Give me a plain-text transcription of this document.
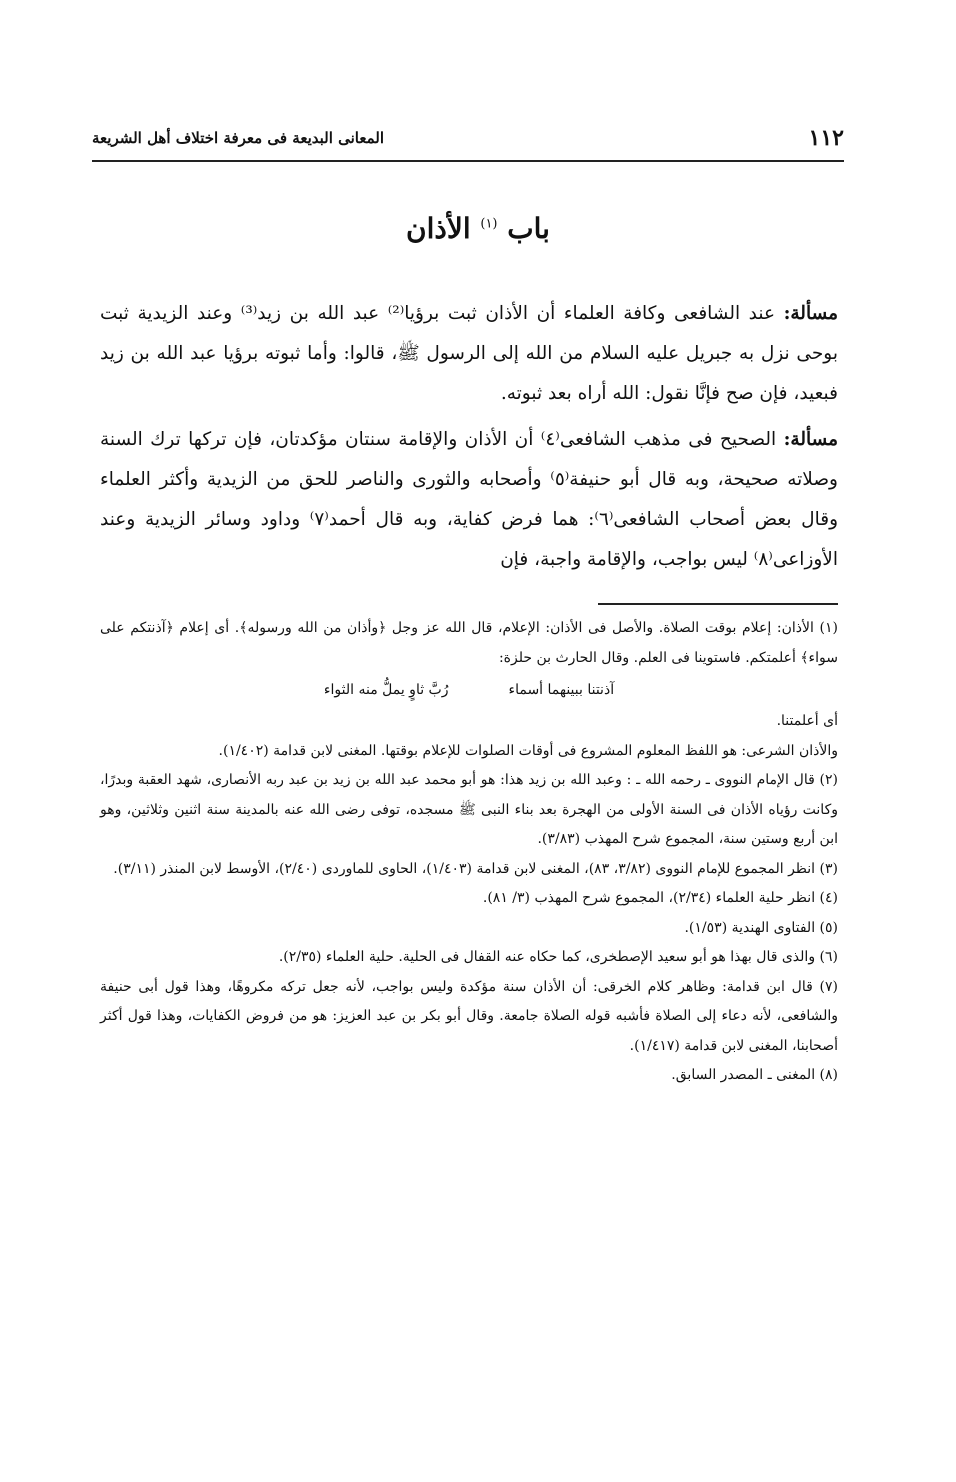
١١٢
المعانى البديعة فى معرفة اختلاف أهل الشريعة
باب $^{(١)}$ الأذان

مسألة: عند الشافعى وكافة العلماء أن الأذان ثبت برؤيا⁽²⁾ عبد الله بن زيد⁽³⁾ وعند الزيدية ثبت بوحى نزل به جبريل عليه السلام من الله إلى الرسول ﷺ، قالوا: وأما ثبوته برؤيا عبد الله بن زيد فبعيد، فإن صح فإنَّا نقول: الله أراه بعد ثبوته.

مسألة: الصحيح فى مذهب الشافعى⁽٤⁾ أن الأذان والإقامة سنتان مؤكدتان، فإن تركها ترك السنة وصلاته صحيحة، وبه قال أبو حنيفة⁽٥⁾ وأصحابه والثورى والناصر للحق من الزيدية وأكثر العلماء وقال بعض أصحاب الشافعى⁽٦⁾: هما فرض كفاية، وبه قال أحمد⁽٧⁾ وداود وسائر الزيدية وعند الأوزاعى⁽٨⁾ ليس بواجب، والإقامة واجبة، فإن

(١) الأذان: إعلام بوقت الصلاة. والأصل فى الأذان: الإعلام، قال الله عز وجل ﴿وأذان من الله ورسوله﴾. أى إعلام ﴿آذنتكم على سواء﴾ أعلمتكم. فاستوينا فى العلم. وقال الحارث بن حلزة:

آذنتنا ببينهما أسماء
رُبَّ ثاوٍ يملُّ منه الثواء

أى أعلمتنا.

والأذان الشرعى: هو اللفظ المعلوم المشروع فى أوقات الصلوات للإعلام بوقتها. المغنى لابن قدامة (١/٤٠٢).

(٢) قال الإمام النووى ـ رحمه الله ـ : وعبد الله بن زيد هذا: هو أبو محمد عبد الله بن زيد بن عبد ربه الأنصارى، شهد العقبة وبدرًا، وكانت رؤياه الأذان فى السنة الأولى من الهجرة بعد بناء النبى ﷺ مسجده، توفى رضى الله عنه بالمدينة سنة اثنين وثلاثين، وهو ابن أربع وستين سنة، المجموع شرح المهذب (٣/٨٣).

(٣) انظر المجموع للإمام النووى (٣/٨٢، ٨٣)، المغنى لابن قدامة (١/٤٠٣)، الحاوى للماوردى (٢/٤٠)، الأوسط لابن المنذر (٣/١١).

(٤) انظر حلية العلماء (٢/٣٤)، المجموع شرح المهذب (٣/ ٨١).

(٥) الفتاوى الهندية (١/٥٣).

(٦) والذى قال بهذا هو أبو سعيد الإصطخرى، كما حكاه عنه القفال فى الحلية. حلية العلماء (٢/٣٥).

(٧) قال ابن قدامة: وظاهر كلام الخرقى: أن الأذان سنة مؤكدة وليس بواجب، لأنه جعل تركه مكروهًا، وهذا قول أبى حنيفة والشافعى، لأنه دعاء إلى الصلاة فأشبه قوله الصلاة جامعة. وقال أبو بكر بن عبد العزيز: هو من فروض الكفايات، وهذا قول أكثر أصحابنا، المغنى لابن قدامة (١/٤١٧).

(٨) المغنى ـ المصدر السابق.
